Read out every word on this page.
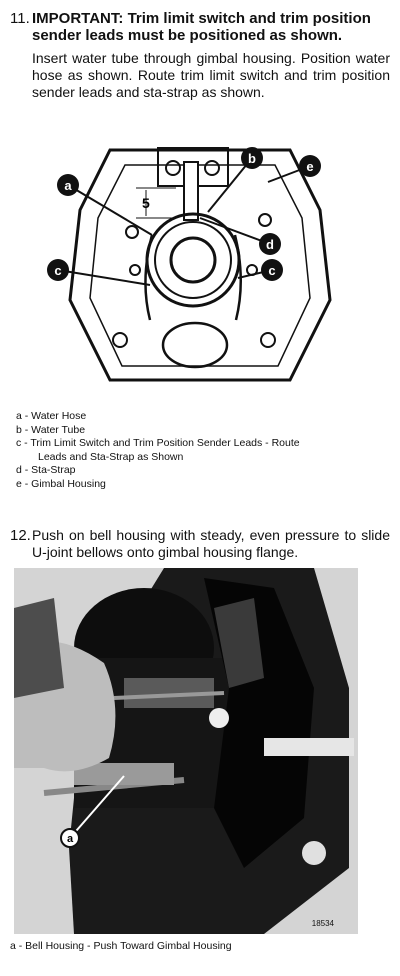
11. IMPORTANT: Trim limit switch and trim position sender leads must be positioned as shown.
Insert water tube through gimbal housing. Position water hose as shown. Route trim limit switch and trim position sender leads and sta-strap as shown.
5
a
b
c	c
d
e
a - Water Hose
b - Water Tube
c - Trim Limit Switch and Trim Position Sender Leads - Route
Leads and Sta-Strap as Shown
d - Sta-Strap
e - Gimbal Housing
12. Push on bell housing with steady, even pressure to slide U-joint bellows onto gimbal housing flange.
a
18534
a - Bell Housing - Push Toward Gimbal Housing
